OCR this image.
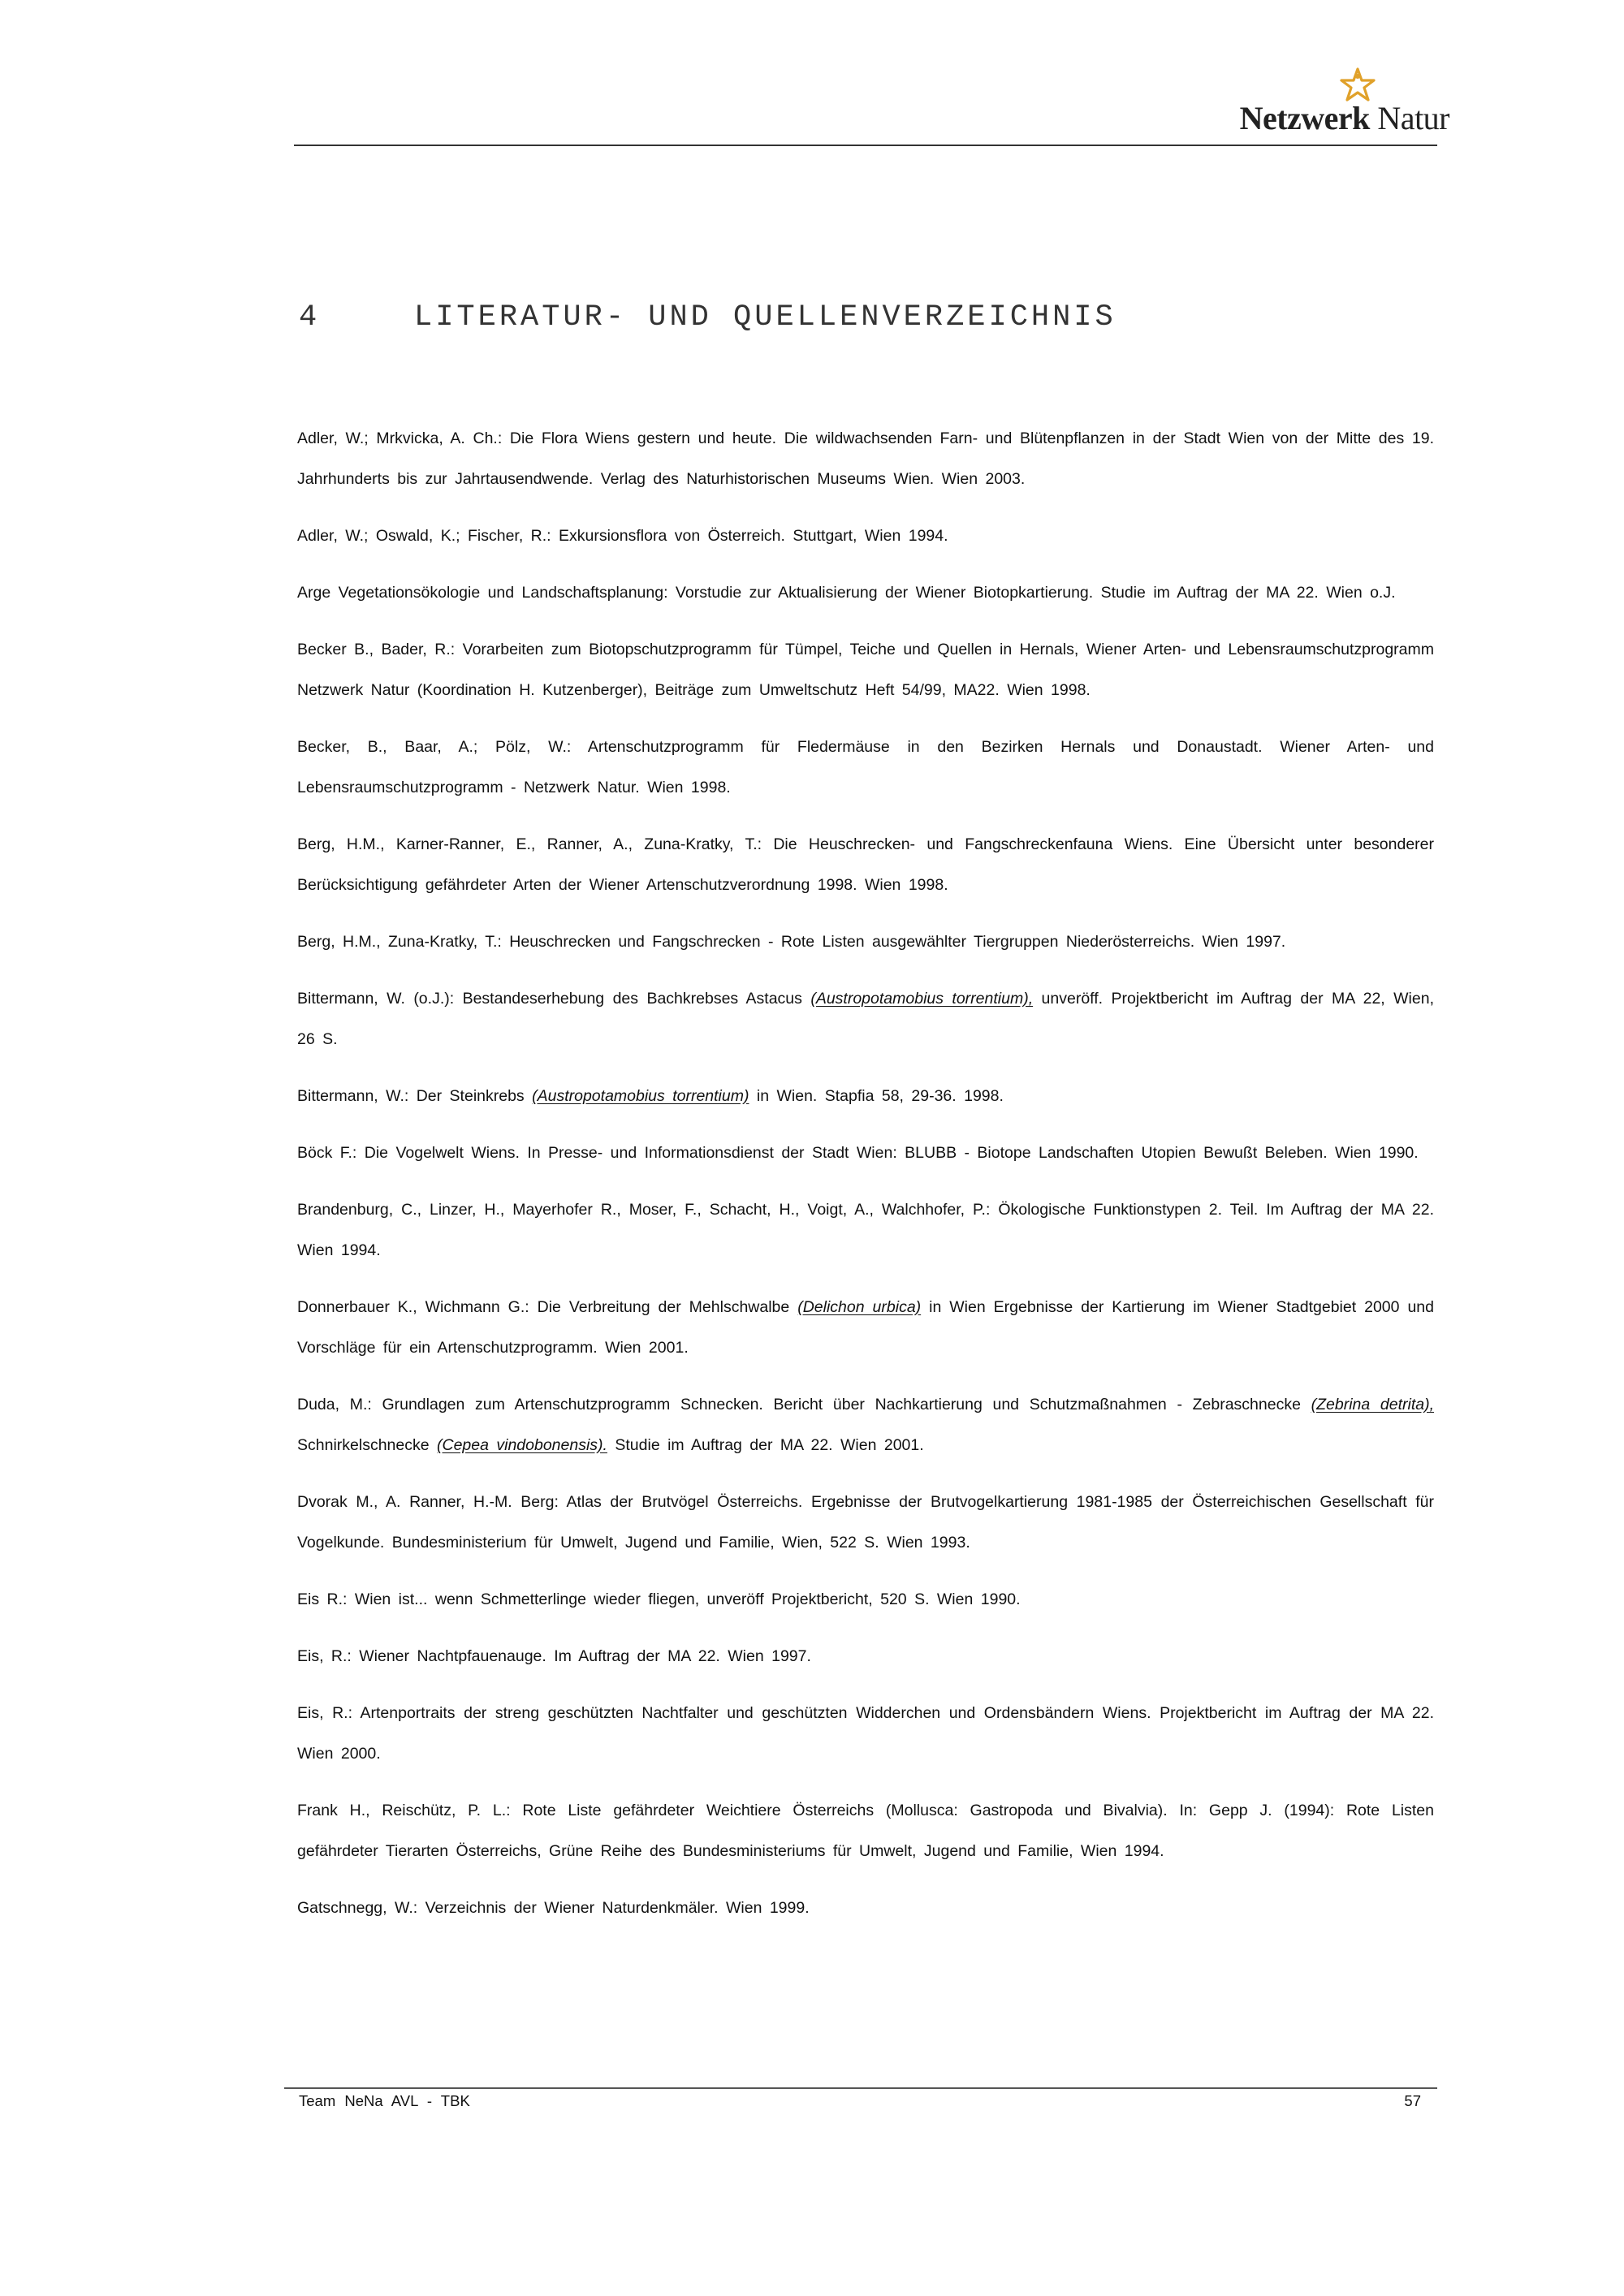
Netzwerk Natur
4	LITERATUR- UND QUELLENVERZEICHNIS

Adler, W.; Mrkvicka, A. Ch.: Die Flora Wiens gestern und heute. Die wildwachsenden Farn- und Blütenpflanzen in der Stadt Wien von der Mitte des 19. Jahrhunderts bis zur Jahrtausendwende. Verlag des Naturhistorischen Museums Wien. Wien 2003.

Adler, W.; Oswald, K.; Fischer, R.: Exkursionsflora von Österreich. Stuttgart, Wien 1994.

Arge Vegetationsökologie und Landschaftsplanung: Vorstudie zur Aktualisierung der Wiener Biotopkartierung. Studie im Auftrag der MA 22. Wien o.J.

Becker B., Bader, R.: Vorarbeiten zum Biotopschutzprogramm für Tümpel, Teiche und Quellen in Hernals, Wiener Arten- und Lebensraumschutzprogramm Netzwerk Natur (Koordination H. Kutzenberger), Beiträge zum Umweltschutz Heft 54/99, MA22. Wien 1998.

Becker, B., Baar, A.; Pölz, W.: Artenschutzprogramm für Fledermäuse in den Bezirken Hernals und Donaustadt. Wiener Arten- und Lebensraumschutzprogramm - Netzwerk Natur. Wien 1998.

Berg, H.M., Karner-Ranner, E., Ranner, A., Zuna-Kratky, T.: Die Heuschrecken- und Fangschreckenfauna Wiens. Eine Übersicht unter besonderer Berücksichtigung gefährdeter Arten der Wiener Artenschutzverordnung 1998. Wien 1998.

Berg, H.M., Zuna-Kratky, T.: Heuschrecken und Fangschrecken - Rote Listen ausgewählter Tiergruppen Niederösterreichs. Wien 1997.

Bittermann, W. (o.J.): Bestandeserhebung des Bachkrebses Astacus (Austropotamobius torrentium), unveröff. Projektbericht im Auftrag der MA 22, Wien, 26 S.

Bittermann, W.: Der Steinkrebs (Austropotamobius torrentium) in Wien. Stapfia 58, 29-36. 1998.

Böck F.: Die Vogelwelt Wiens. In Presse- und Informationsdienst der Stadt Wien: BLUBB - Biotope Landschaften Utopien Bewußt Beleben. Wien 1990.

Brandenburg, C., Linzer, H., Mayerhofer R., Moser, F., Schacht, H., Voigt, A., Walchhofer, P.: Ökologische Funktionstypen 2. Teil. Im Auftrag der MA 22. Wien 1994.

Donnerbauer K., Wichmann G.: Die Verbreitung der Mehlschwalbe (Delichon urbica) in Wien Ergebnisse der Kartierung im Wiener Stadtgebiet 2000 und Vorschläge für ein Artenschutzprogramm. Wien 2001.

Duda, M.: Grundlagen zum Artenschutzprogramm Schnecken. Bericht über Nachkartierung und Schutzmaßnahmen - Zebraschnecke (Zebrina detrita), Schnirkelschnecke (Cepea vindobonensis). Studie im Auftrag der MA 22. Wien 2001.

Dvorak M., A. Ranner, H.-M. Berg: Atlas der Brutvögel Österreichs. Ergebnisse der Brutvogelkartierung 1981-1985 der Österreichischen Gesellschaft für Vogelkunde. Bundesministerium für Umwelt, Jugend und Familie, Wien, 522 S. Wien 1993.

Eis R.: Wien ist... wenn Schmetterlinge wieder fliegen, unveröff Projektbericht, 520 S. Wien 1990.

Eis, R.: Wiener Nachtpfauenauge. Im Auftrag der MA 22. Wien 1997.

Eis, R.: Artenportraits der streng geschützten Nachtfalter und geschützten Widderchen und Ordensbändern Wiens. Projektbericht im Auftrag der MA 22. Wien 2000.

Frank H., Reischütz, P. L.: Rote Liste gefährdeter Weichtiere Österreichs (Mollusca: Gastropoda und Bivalvia). In: Gepp J. (1994): Rote Listen gefährdeter Tierarten Österreichs, Grüne Reihe des Bundesministeriums für Umwelt, Jugend und Familie, Wien 1994.

Gatschnegg, W.: Verzeichnis der Wiener Naturdenkmäler. Wien 1999.

Team NeNa AVL - TBK	57
